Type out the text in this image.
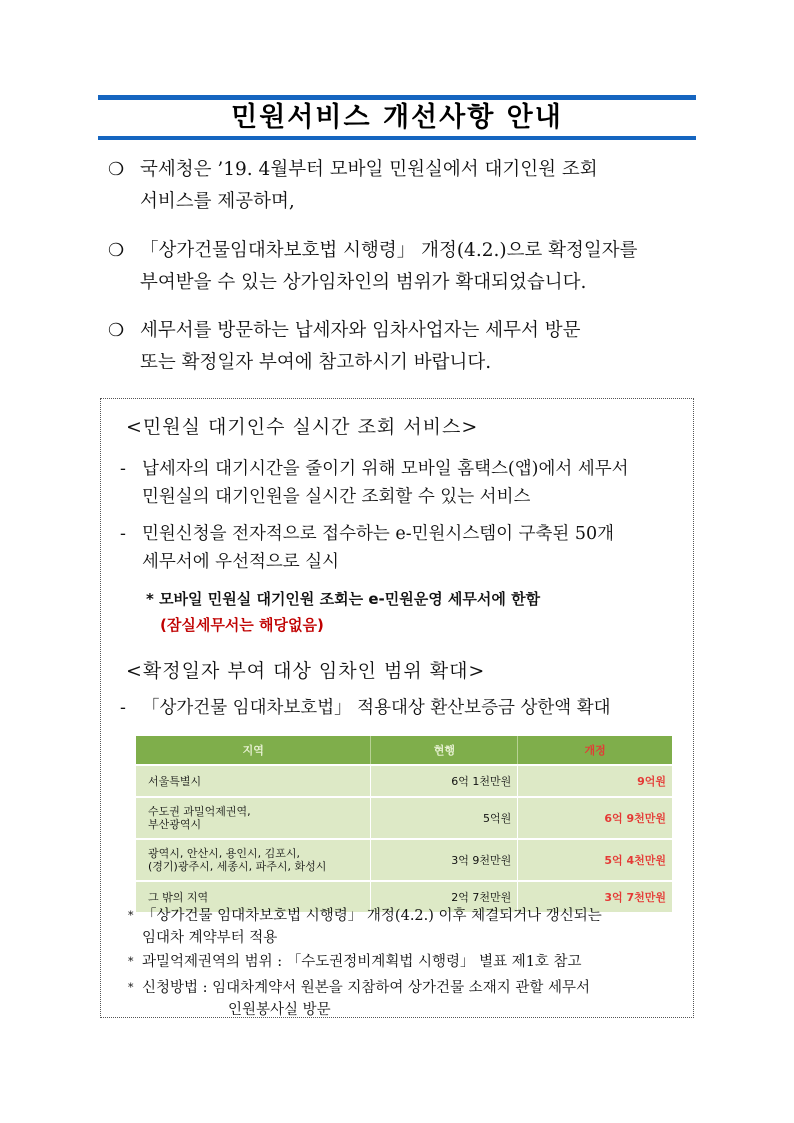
민원서비스 개선사항 안내
❍ 국세청은 ’19. 4월부터 모바일 민원실에서 대기인원 조회
서비스를 제공하며,
❍ 「상가건물임대차보호법 시행령」 개정(4.2.)으로 확정일자를
부여받을 수 있는 상가임차인의 범위가 확대되었습니다.
❍ 세무서를 방문하는 납세자와 임차사업자는 세무서 방문
또는 확정일자 부여에 참고하시기 바랍니다.
<민원실 대기인수 실시간 조회 서비스>
- 납세자의 대기시간을 줄이기 위해 모바일 홈택스(앱)에서 세무서
민원실의 대기인원을 실시간 조회할 수 있는 서비스
- 민원신청을 전자적으로 접수하는 e-민원시스템이 구축된 50개
세무서에 우선적으로 실시
* 모바일 민원실 대기인원 조회는 e-민원운영 세무서에 한함
(잠실세무서는 해당없음)
<확정일자 부여 대상 임차인 범위 확대>
- 「상가건물 임대차보호법」 적용대상 환산보증금 상한액 확대
지역	현행	개정
서울특별시	6억 1천만원	9억원
수도권 과밀억제권역,
부산광역시	5억원	6억 9천만원
광역시, 안산시, 용인시, 김포시,
(경기)광주시, 세종시, 파주시, 화성시	3억 9천만원	5억 4천만원
그 밖의 지역	2억 7천만원	3억 7천만원
* 「상가건물 임대차보호법 시행령」 개정(4.2.) 이후 체결되거나 갱신되는
임대차 계약부터 적용
* 과밀억제권역의 범위 : 「수도권정비계획법 시행령」 별표 제1호 참고
* 신청방법 : 임대차계약서 원본을 지참하여 상가건물 소재지 관할 세무서
인원봉사실 방문
